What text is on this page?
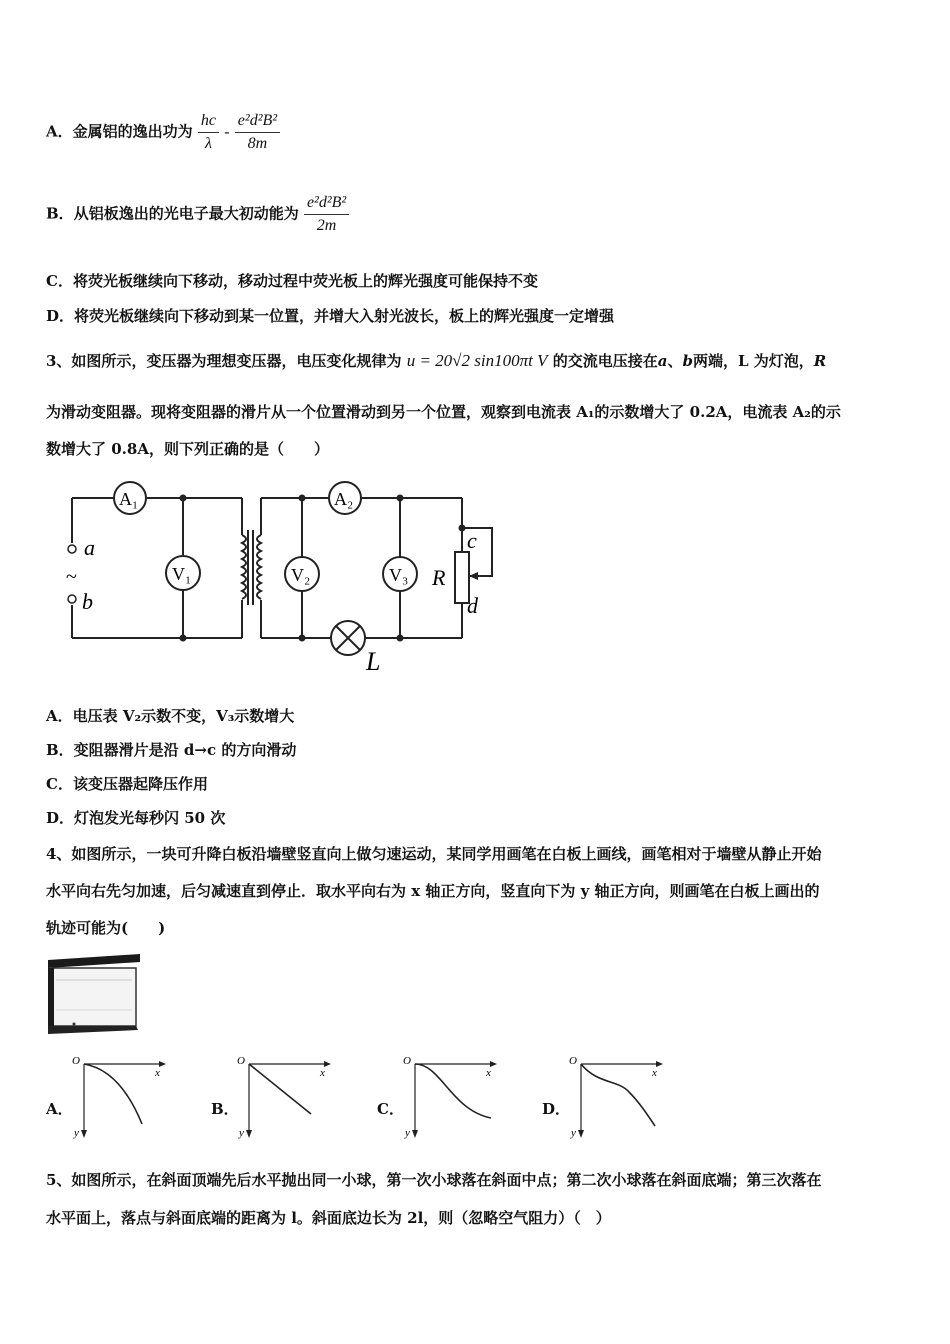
A．金属铝的逸出功为 $\frac{hc}{\lambda} - \frac{\text{e²d²B²}}{8m}$
B．从铝板逸出的光电子最大初动能为 $\frac{\text{e²d²B²}}{2m}$
C．将荧光板继续向下移动，移动过程中荧光板上的辉光强度可能保持不变
D．将荧光板继续向下移动到某一位置，并增大入射光波长，板上的辉光强度一定增强
3、如图所示，变压器为理想变压器，电压变化规律为 u = 20√2 sin100πt V 的交流电压接在a、b两端，L 为灯泡，R
为滑动变阻器。现将变阻器的滑片从一个位置滑动到另一个位置，观察到电流表 A₁的示数增大了 0.2A，电流表 A₂的示
数增大了 0.8A，则下列正确的是（　　）
A₁	A₂
V₁	V₂	V₃
a
~
b
c
R
d
L
A．电压表 V₂示数不变，V₃示数增大
B．变阻器滑片是沿 d→c 的方向滑动
C．该变压器起降压作用
D．灯泡发光每秒闪 50 次
4、如图所示，一块可升降白板沿墙壁竖直向上做匀速运动，某同学用画笔在白板上画线，画笔相对于墙壁从静止开始
水平向右先匀加速，后匀减速直到停止．取水平向右为 x 轴正方向，竖直向下为 y 轴正方向，则画笔在白板上画出的
轨迹可能为(　　)
A．	B．	C．	D．
O
x
y
O
x
y
O
x
y
O
x
y
5、如图所示，在斜面顶端先后水平抛出同一小球，第一次小球落在斜面中点；第二次小球落在斜面底端；第三次落在
水平面上，落点与斜面底端的距离为 l。斜面底边长为 2l，则（忽略空气阻力）（　）
